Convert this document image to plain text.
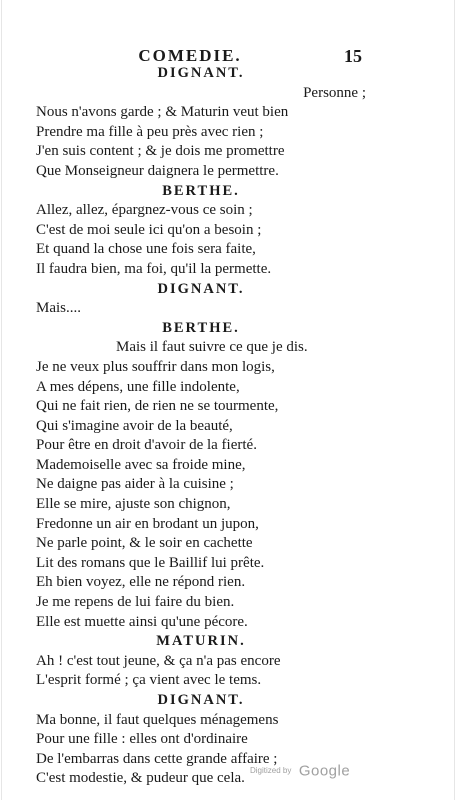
COMEDIE.	15
DIGNANT.
Personne ;
Nous n'avons garde ; & Maturin veut bien
Prendre ma fille à peu près avec rien ;
J'en suis content ; & je dois me promettre
Que Monseigneur daignera le permettre.
BERTHE.
Allez, allez, épargnez-vous ce soin ;
C'est de moi seule ici qu'on a besoin ;
Et quand la chose une fois sera faite,
Il faudra bien, ma foi, qu'il la permette.
DIGNANT.
Mais....
BERTHE.
Mais il faut suivre ce que je dis.
Je ne veux plus souffrir dans mon logis,
A mes dépens, une fille indolente,
Qui ne fait rien, de rien ne se tourmente,
Qui s'imagine avoir de la beauté,
Pour être en droit d'avoir de la fierté.
Mademoiselle avec sa froide mine,
Ne daigne pas aider à la cuisine ;
Elle se mire, ajuste son chignon,
Fredonne un air en brodant un jupon,
Ne parle point, & le soir en cachette
Lit des romans que le Baillif lui prête.
Eh bien voyez, elle ne répond rien.
Je me repens de lui faire du bien.
Elle est muette ainsi qu'une pécore.
MATURIN.
Ah ! c'est tout jeune, & ça n'a pas encore
L'esprit formé ; ça vient avec le tems.
DIGNANT.
Ma bonne, il faut quelques ménagemens
Pour une fille : elles ont d'ordinaire
De l'embarras dans cette grande affaire ;
C'est modestie, & pudeur que cela. Digitized by Google
